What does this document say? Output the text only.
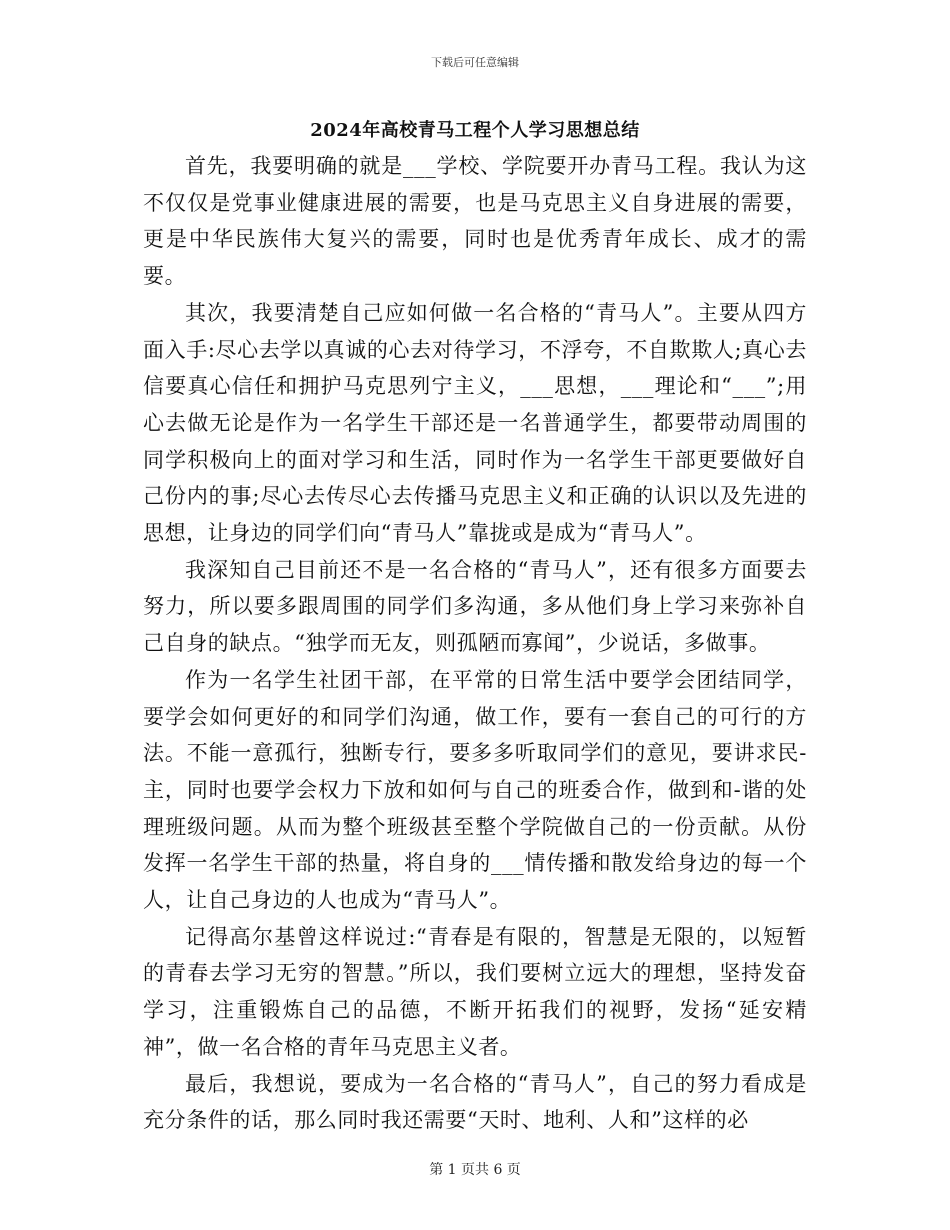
下载后可任意编辑
2024年高校青马工程个人学习思想总结

首先，我要明确的就是___学校、学院要开办青马工程。我认为这不仅仅是党事业健康进展的需要，也是马克思主义自身进展的需要，更是中华民族伟大复兴的需要，同时也是优秀青年成长、成才的需要。

其次，我要清楚自己应如何做一名合格的“青马人”。主要从四方面入手:尽心去学以真诚的心去对待学习，不浮夸，不自欺欺人;真心去信要真心信任和拥护马克思列宁主义，___思想，___理论和“___”;用心去做无论是作为一名学生干部还是一名普通学生，都要带动周围的同学积极向上的面对学习和生活，同时作为一名学生干部更要做好自己份内的事;尽心去传尽心去传播马克思主义和正确的认识以及先进的思想，让身边的同学们向“青马人”靠拢或是成为“青马人”。

我深知自己目前还不是一名合格的“青马人”，还有很多方面要去努力，所以要多跟周围的同学们多沟通，多从他们身上学习来弥补自己自身的缺点。“独学而无友，则孤陋而寡闻”，少说话，多做事。

作为一名学生社团干部，在平常的日常生活中要学会团结同学，要学会如何更好的和同学们沟通，做工作，要有一套自己的可行的方法。不能一意孤行，独断专行，要多多听取同学们的意见，要讲求民-主，同时也要学会权力下放和如何与自己的班委合作，做到和-谐的处理班级问题。从而为整个班级甚至整个学院做自己的一份贡献。从份发挥一名学生干部的热量，将自身的___情传播和散发给身边的每一个人，让自己身边的人也成为“青马人”。

记得高尔基曾这样说过:“青春是有限的，智慧是无限的，以短暂的青春去学习无穷的智慧。”所以，我们要树立远大的理想，坚持发奋学习，注重锻炼自己的品德，不断开拓我们的视野，发扬“延安精神”，做一名合格的青年马克思主义者。

最后，我想说，要成为一名合格的“青马人”，自己的努力看成是充分条件的话，那么同时我还需要“天时、地利、人和”这样的必

第 1 页共 6 页
